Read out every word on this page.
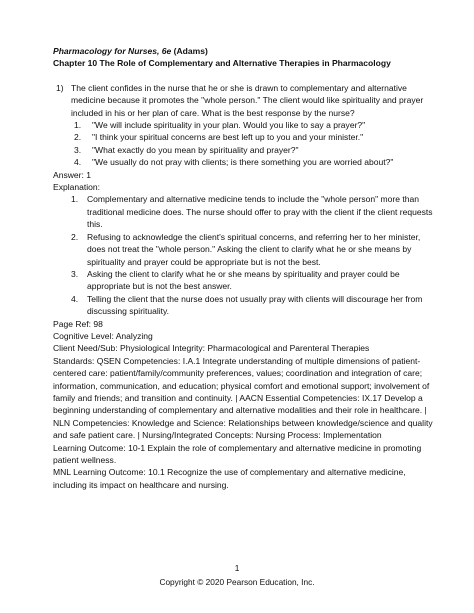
Pharmacology for Nurses, 6e (Adams)

Chapter 10 The Role of Complementary and Alternative Therapies in Pharmacology

1) The client confides in the nurse that he or she is drawn to complementary and alternative medicine because it promotes the "whole person." The client would like spirituality and prayer included in his or her plan of care. What is the best response by the nurse?

1. "We will include spirituality in your plan. Would you like to say a prayer?"
2. "I think your spiritual concerns are best left up to you and your minister."
3. "What exactly do you mean by spirituality and prayer?"
4. "We usually do not pray with clients; is there something you are worried about?"

Answer: 1

Explanation:

1. Complementary and alternative medicine tends to include the "whole person" more than traditional medicine does. The nurse should offer to pray with the client if the client requests this.
2. Refusing to acknowledge the client's spiritual concerns, and referring her to her minister, does not treat the "whole person." Asking the client to clarify what he or she means by spirituality and prayer could be appropriate but is not the best.
3. Asking the client to clarify what he or she means by spirituality and prayer could be appropriate but is not the best answer.
4. Telling the client that the nurse does not usually pray with clients will discourage her from discussing spirituality.

Page Ref: 98

Cognitive Level: Analyzing

Client Need/Sub: Physiological Integrity: Pharmacological and Parenteral Therapies

Standards: QSEN Competencies: I.A.1 Integrate understanding of multiple dimensions of patient-centered care: patient/family/community preferences, values; coordination and integration of care; information, communication, and education; physical comfort and emotional support; involvement of family and friends; and transition and continuity. | AACN Essential Competencies: IX.17 Develop a beginning understanding of complementary and alternative modalities and their role in healthcare. | NLN Competencies: Knowledge and Science: Relationships between knowledge/science and quality and safe patient care. | Nursing/Integrated Concepts: Nursing Process: Implementation

Learning Outcome: 10-1 Explain the role of complementary and alternative medicine in promoting patient wellness.

MNL Learning Outcome: 10.1 Recognize the use of complementary and alternative medicine, including its impact on healthcare and nursing.

1
Copyright © 2020 Pearson Education, Inc.
